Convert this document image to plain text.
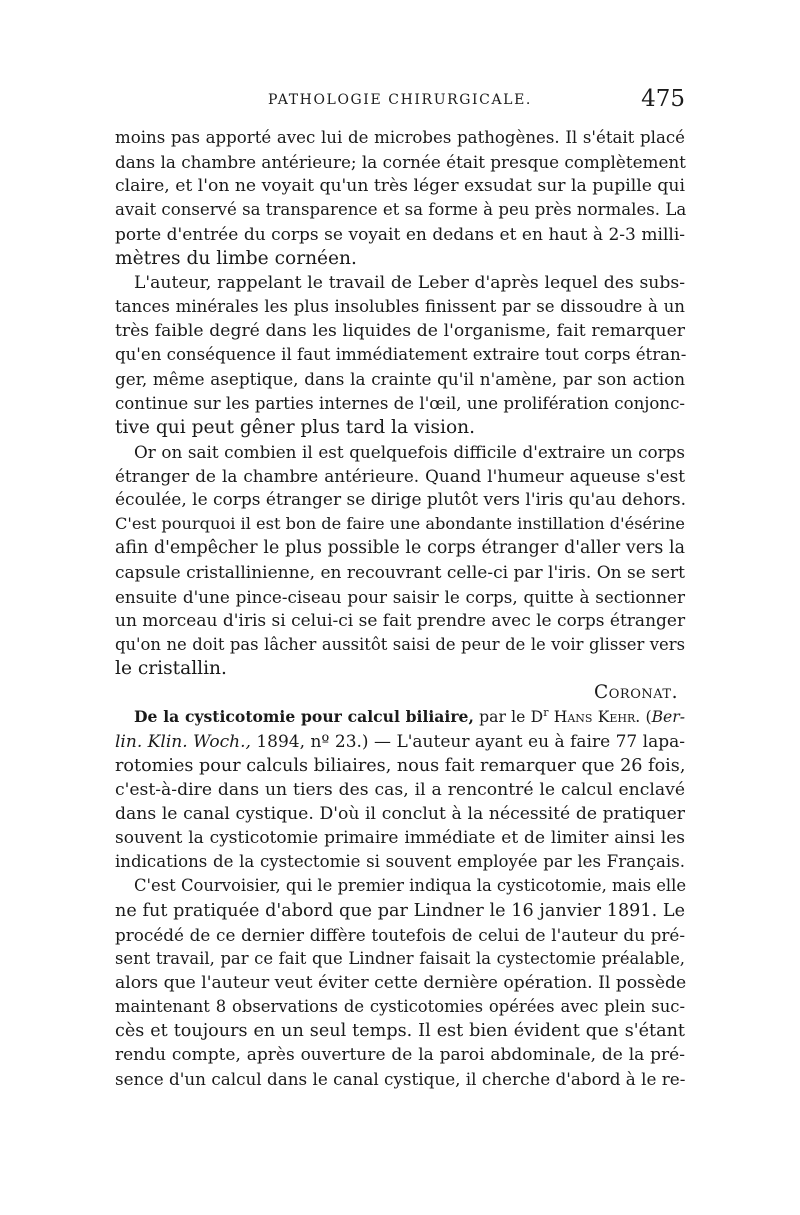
PATHOLOGIE CHIRURGICALE.	475
moins pas apporté avec lui de microbes pathogènes. Il s'était placé
dans la chambre antérieure; la cornée était presque complètement
claire, et l'on ne voyait qu'un très léger exsudat sur la pupille qui
avait conservé sa transparence et sa forme à peu près normales. La
porte d'entrée du corps se voyait en dedans et en haut à 2-3 milli-
mètres du limbe cornéen.
L'auteur, rappelant le travail de Leber d'après lequel des subs-
tances minérales les plus insolubles finissent par se dissoudre à un
très faible degré dans les liquides de l'organisme, fait remarquer
qu'en conséquence il faut immédiatement extraire tout corps étran-
ger, même aseptique, dans la crainte qu'il n'amène, par son action
continue sur les parties internes de l'œil, une prolifération conjonc-
tive qui peut gêner plus tard la vision.
Or on sait combien il est quelquefois difficile d'extraire un corps
étranger de la chambre antérieure. Quand l'humeur aqueuse s'est
écoulée, le corps étranger se dirige plutôt vers l'iris qu'au dehors.
C'est pourquoi il est bon de faire une abondante instillation d'ésérine
afin d'empêcher le plus possible le corps étranger d'aller vers la
capsule cristallinienne, en recouvrant celle-ci par l'iris. On se sert
ensuite d'une pince-ciseau pour saisir le corps, quitte à sectionner
un morceau d'iris si celui-ci se fait prendre avec le corps étranger
qu'on ne doit pas lâcher aussitôt saisi de peur de le voir glisser vers
le cristallin.
Coronat.
De la cysticotomie pour calcul biliaire, par le $D^r$ Hans Kehr. (Ber-
lin. Klin. Woch., 1894, nº 23.) — L'auteur ayant eu à faire 77 lapa-
rotomies pour calculs biliaires, nous fait remarquer que 26 fois,
c'est-à-dire dans un tiers des cas, il a rencontré le calcul enclavé
dans le canal cystique. D'où il conclut à la nécessité de pratiquer
souvent la cysticotomie primaire immédiate et de limiter ainsi les
indications de la cystectomie si souvent employée par les Français.
C'est Courvoisier, qui le premier indiqua la cysticotomie, mais elle
ne fut pratiquée d'abord que par Lindner le 16 janvier 1891. Le
procédé de ce dernier diffère toutefois de celui de l'auteur du pré-
sent travail, par ce fait que Lindner faisait la cystectomie préalable,
alors que l'auteur veut éviter cette dernière opération. Il possède
maintenant 8 observations de cysticotomies opérées avec plein suc-
cès et toujours en un seul temps. Il est bien évident que s'étant
rendu compte, après ouverture de la paroi abdominale, de la pré-
sence d'un calcul dans le canal cystique, il cherche d'abord à le re-
